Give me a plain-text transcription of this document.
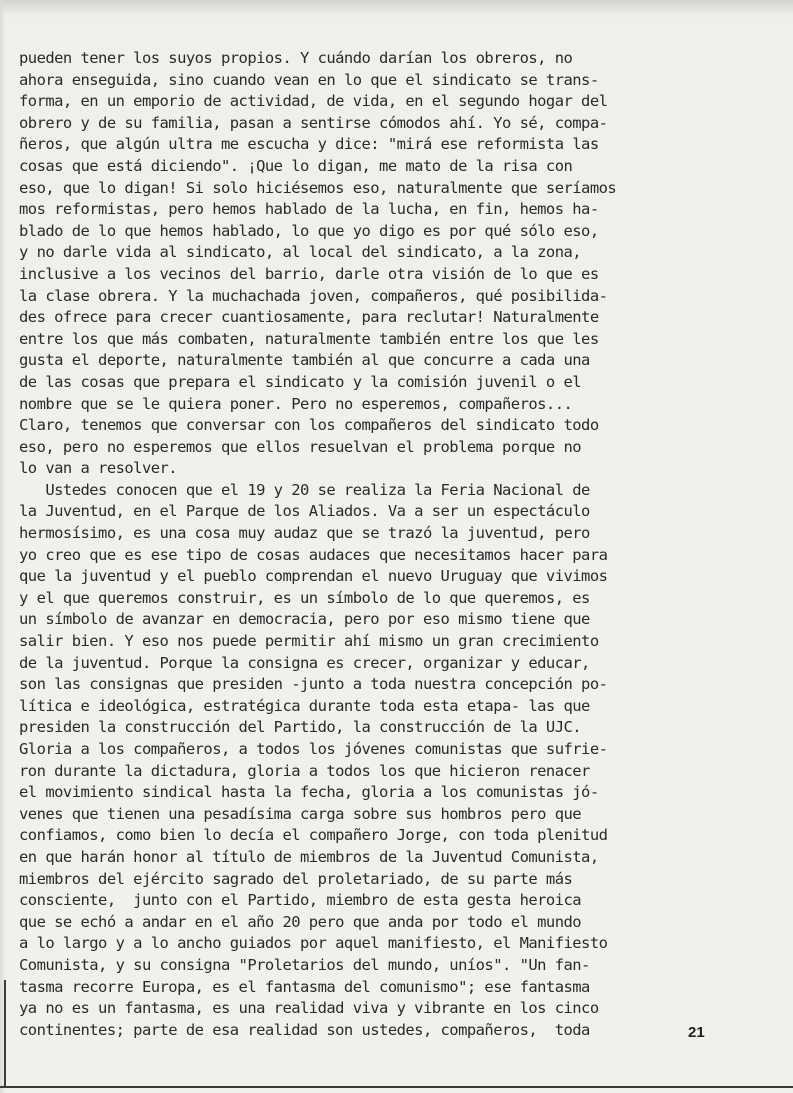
pueden tener los suyos propios. Y cuándo darían los obreros, no
ahora enseguida, sino cuando vean en lo que el sindicato se trans-
forma, en un emporio de actividad, de vida, en el segundo hogar del
obrero y de su familia, pasan a sentirse cómodos ahí. Yo sé, compa-
ñeros, que algún ultra me escucha y dice: "mirá ese reformista las
cosas que está diciendo". ¡Que lo digan, me mato de la risa con
eso, que lo digan! Si solo hiciésemos eso, naturalmente que seríamos
mos reformistas, pero hemos hablado de la lucha, en fin, hemos ha-
blado de lo que hemos hablado, lo que yo digo es por qué sólo eso,
y no darle vida al sindicato, al local del sindicato, a la zona,
inclusive a los vecinos del barrio, darle otra visión de lo que es
la clase obrera. Y la muchachada joven, compañeros, qué posibilida-
des ofrece para crecer cuantiosamente, para reclutar! Naturalmente
entre los que más combaten, naturalmente también entre los que les
gusta el deporte, naturalmente también al que concurre a cada una
de las cosas que prepara el sindicato y la comisión juvenil o el
nombre que se le quiera poner. Pero no esperemos, compañeros...
Claro, tenemos que conversar con los compañeros del sindicato todo
eso, pero no esperemos que ellos resuelvan el problema porque no
lo van a resolver.
Ustedes conocen que el 19 y 20 se realiza la Feria Nacional de
la Juventud, en el Parque de los Aliados. Va a ser un espectáculo
hermosísimo, es una cosa muy audaz que se trazó la juventud, pero
yo creo que es ese tipo de cosas audaces que necesitamos hacer para
que la juventud y el pueblo comprendan el nuevo Uruguay que vivimos
y el que queremos construir, es un símbolo de lo que queremos, es
un símbolo de avanzar en democracia, pero por eso mismo tiene que
salir bien. Y eso nos puede permitir ahí mismo un gran crecimiento
de la juventud. Porque la consigna es crecer, organizar y educar,
son las consignas que presiden -junto a toda nuestra concepción po-
lítica e ideológica, estratégica durante toda esta etapa- las que
presiden la construcción del Partido, la construcción de la UJC.
Gloria a los compañeros, a todos los jóvenes comunistas que sufrie-
ron durante la dictadura, gloria a todos los que hicieron renacer
el movimiento sindical hasta la fecha, gloria a los comunistas jó-
venes que tienen una pesadísima carga sobre sus hombros pero que
confiamos, como bien lo decía el compañero Jorge, con toda plenitud
en que harán honor al título de miembros de la Juventud Comunista,
miembros del ejército sagrado del proletariado, de su parte más
consciente,  junto con el Partido, miembro de esta gesta heroica
que se echó a andar en el año 20 pero que anda por todo el mundo
a lo largo y a lo ancho guiados por aquel manifiesto, el Manifiesto
Comunista, y su consigna "Proletarios del mundo, uníos". "Un fan-
tasma recorre Europa, es el fantasma del comunismo"; ese fantasma
ya no es un fantasma, es una realidad viva y vibrante en los cinco
continentes; parte de esa realidad son ustedes, compañeros,  toda	21
